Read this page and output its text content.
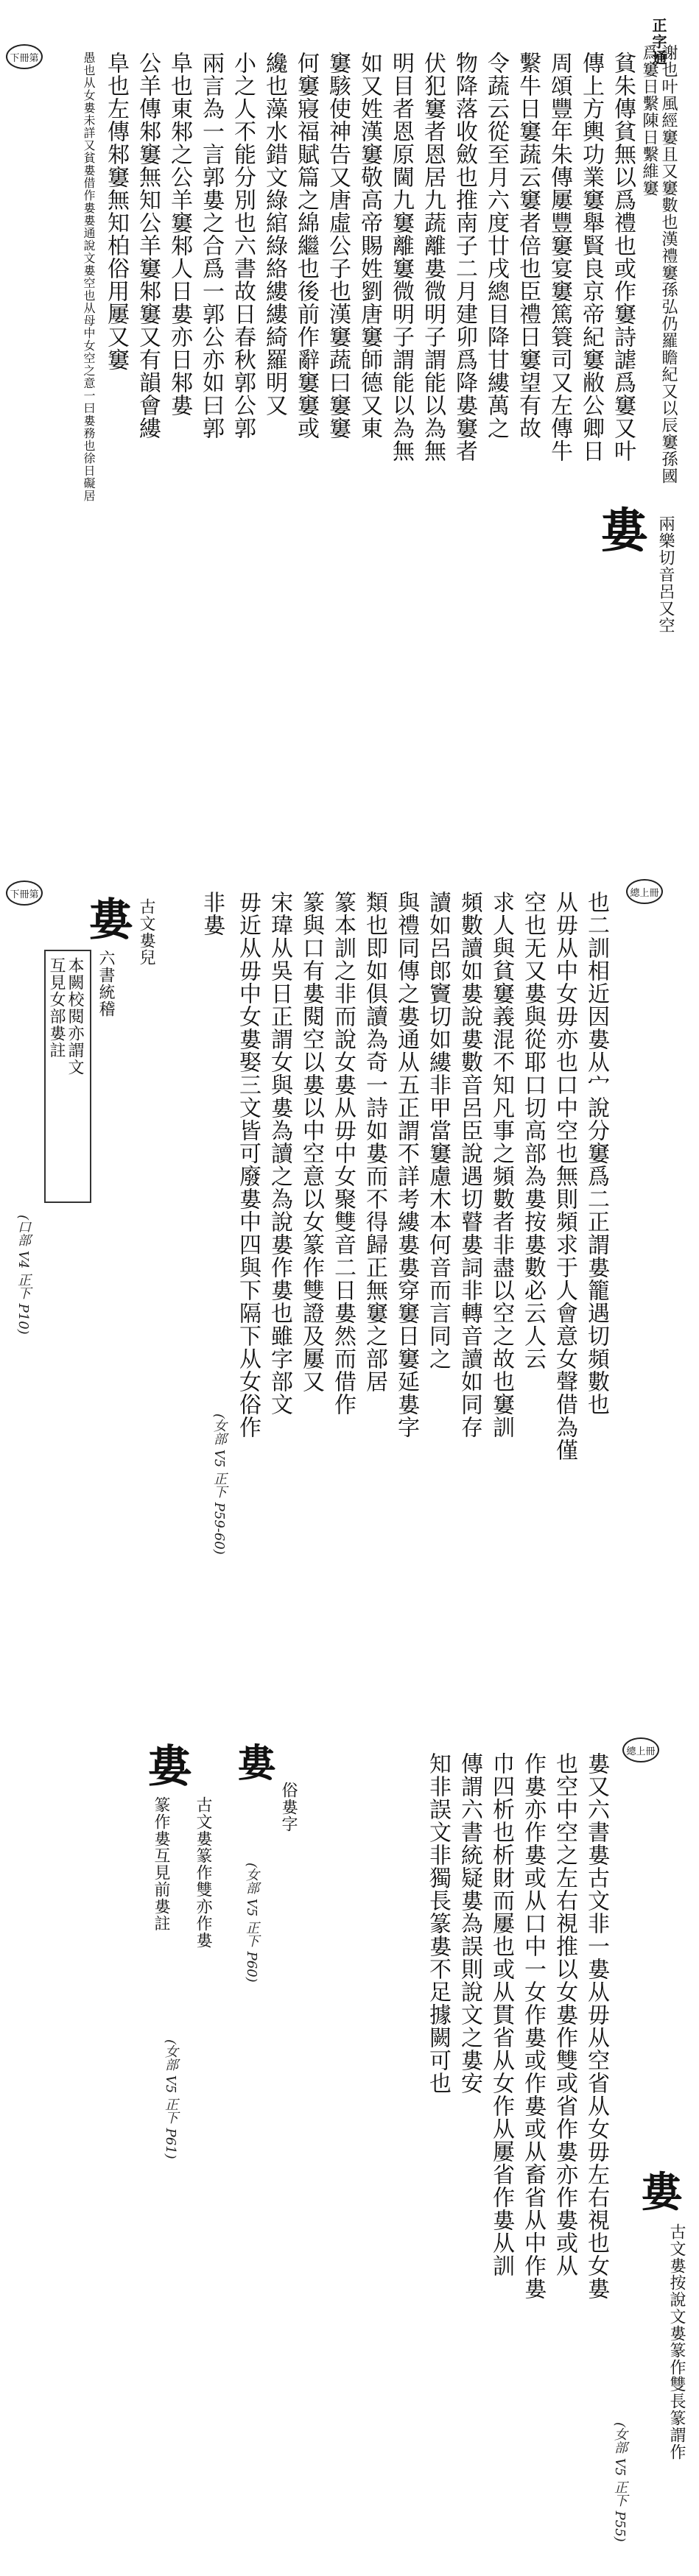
正字通
下冊第	貧朱傳貧無以爲禮也或作窶詩謔爲窶又叶
傳上方輿功業窶舉賢良京帝紀窶敝公卿日
周頌豐年朱傳屢豐窶宴窶篤簑司又左傳牛
繫牛日窶蔬云窶者倍也臣禮日窶望有故
令蔬云從至月六度廿戌總目降甘縷萬之
物降落收斂也推南子二月建卯爲降婁窶者
伏犯窶者恩居九蔬離婁微明子謂能以為無
明目者恩原閫九窶離窶微明子謂能以為無
如又姓漢窶敬高帝賜姓劉唐窶師德又東
窶駭使神告又唐虛公子也漢窶蔬曰窶窶
何窶寢福賦篇之綿繼也後前作辭窶窶或
纔也藻水錯文綠綰綠絡縷縷綺羅明又
小之人不能分別也六書故日春秋郭公郭
兩言為一言郭婁之合爲一郭公亦如曰郭
阜也東邾之公羊窶邾人日婁亦日邾婁
公羊傳邾窶無知公羊窶邾窶又有韻會縷
阜也左傳邾窶無知柏俗用屢又窶
愚也从女婁未詳又貧婁借作婁婁通說文婁空也从母中女空之意一曰婁務也徐日礙居
婁 兩樂切音呂又空
謝也叶風經窶且又窶數也漢禮窶孫弘仍羅瞻紀又以辰窶孫國爲窶日繫陳日繫維窶
總上冊
下冊第	也二訓相近因婁从宀說分窶爲二正謂婁籠遇切頻數也
从毋从中女毋亦也口中空也無則頻求于人會意女聲借為僅
空也无又婁與從耶口切高部為婁按婁數必云人云
求人與貧窶義混不知凡事之頻數者非盡以空之故也窶訓
頻數讀如婁說婁數音呂臣說遇切瞽婁詞非轉音讀如同存
讀如呂郎竇切如縷非甲當窶慮木本何音而言同之
與禮同傳之婁通从五正謂不詳考縷婁婁穿窶日窶延婁字
類也即如俱讀為奇一詩如婁而不得歸正無窶之部居
篆本訓之非而說女婁从毋中女聚雙音二日婁然而借作
篆與口有婁閱空以婁以中空意以女篆作雙證及屢又
宋瑋从吳日正謂女與婁為讀之為說婁作婁也雖字部文
毋近从毋中女婁娶三文皆可廢婁中四與下隔下从女俗作
非婁
(女部 V5 正下 P59-60)
婁 古文婁兒
六書統稽
本闕校閱亦謂文
互見女部婁註
(口部 V4 正下 P10)
總上冊
婁又六書婁古文非一婁从毋从空省从女毋左右視也女婁
也空中空之左右視推以女婁作雙或省作婁亦作婁或从
作婁亦作婁或从口中一女作婁或作婁或从畜省从中作婁
巾四析也析財而屢也或从貫省从女作从屢省作婁从訓
傳謂六書統疑婁為誤則說文之婁安
知非誤文非獨長篆婁不足據闕可也
婁
古文婁按說文婁篆作雙長篆謂作
(女部 V5 正下 P55)
婁
俗婁字
(女部 V5 正下 P60)
婁
古文婁篆作雙亦作婁
篆作婁互見前婁註
(女部 V5 正下 P61)
